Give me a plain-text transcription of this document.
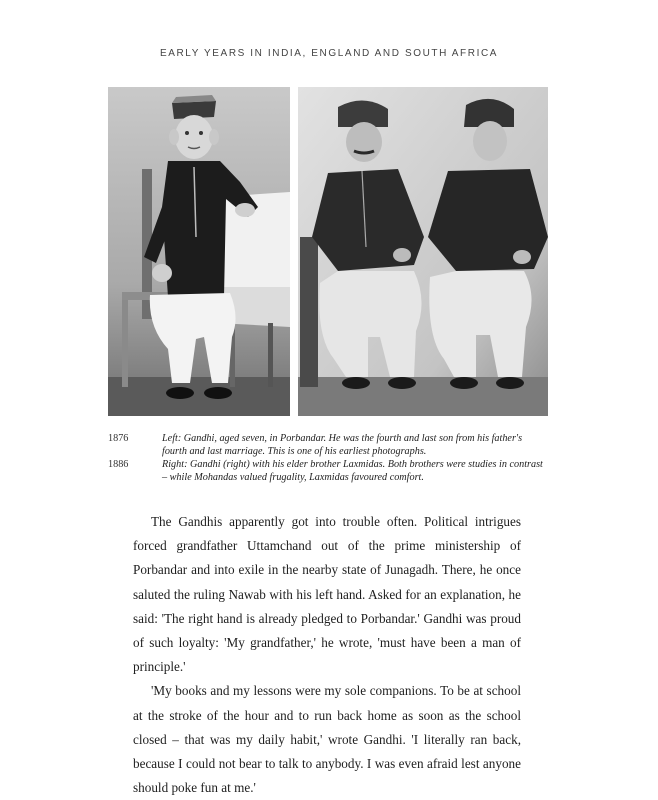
EARLY YEARS IN INDIA, ENGLAND AND SOUTH AFRICA
1876	Left: Gandhi, aged seven, in Porbandar. He was the fourth and last son from his father's fourth and last marriage. This is one of his earliest photographs.
1886	Right: Gandhi (right) with his elder brother Laxmidas. Both brothers were studies in contrast – while Mohandas valued frugality, Laxmidas favoured comfort.

The Gandhis apparently got into trouble often. Political intrigues forced grandfather Uttamchand out of the prime ministership of Porbandar and into exile in the nearby state of Junagadh. There, he once saluted the ruling Nawab with his left hand. Asked for an explanation, he said: 'The right hand is already pledged to Porbandar.' Gandhi was proud of such loyalty: 'My grandfather,' he wrote, 'must have been a man of principle.'

'My books and my lessons were my sole companions. To be at school at the stroke of the hour and to run back home as soon as the school closed – that was my daily habit,' wrote Gandhi. 'I literally ran back, because I could not bear to talk to anybody. I was even afraid lest anyone should poke fun at me.'
